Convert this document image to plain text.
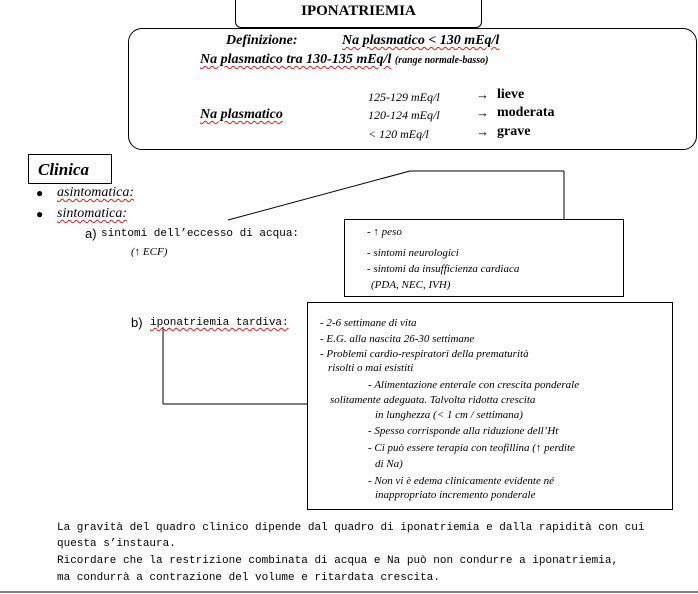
IPONATRIEMIA
Definizione:	Na plasmatico < 130 mEq/l
Na plasmatico tra 130-135 mEq/l (range normale-basso)
Na plasmatico
125-129 mEq/l	→ lieve
120-124 mEq/l	→ moderata
< 120 mEq/l	→ grave
Clinica
● asintomatica:
● sintomatica:
a) sintomi dell’eccesso di acqua:
(↑ ECF)
- ↑ peso
- sintomi neurologici
- sintomi da insufficienza cardiaca
(PDA, NEC, IVH)
b) iponatriemia tardiva:	- 2-6 settimane di vita
- E.G. alla nascita 26-30 settimane
- Problemi cardio-respiratori della prematurità
risolti o mai esistiti
- Alimentazione enterale con crescita ponderale
solitamente adeguata. Talvolta ridotta crescita
in lunghezza (< 1 cm / settimana)
- Spesso corrisponde alla riduzione dell’Ht
- Ci può essere terapia con teofillina (↑ perdite
di Na)
- Non vi è edema clinicamente evidente né
inappropriato incremento ponderale
La gravità del quadro clinico dipende dal quadro di iponatriemia e dalla rapidità con cui
questa s’instaura.
Ricordare che la restrizione combinata di acqua e Na può non condurre a iponatriemia,
ma condurrà a contrazione del volume e ritardata crescita.
